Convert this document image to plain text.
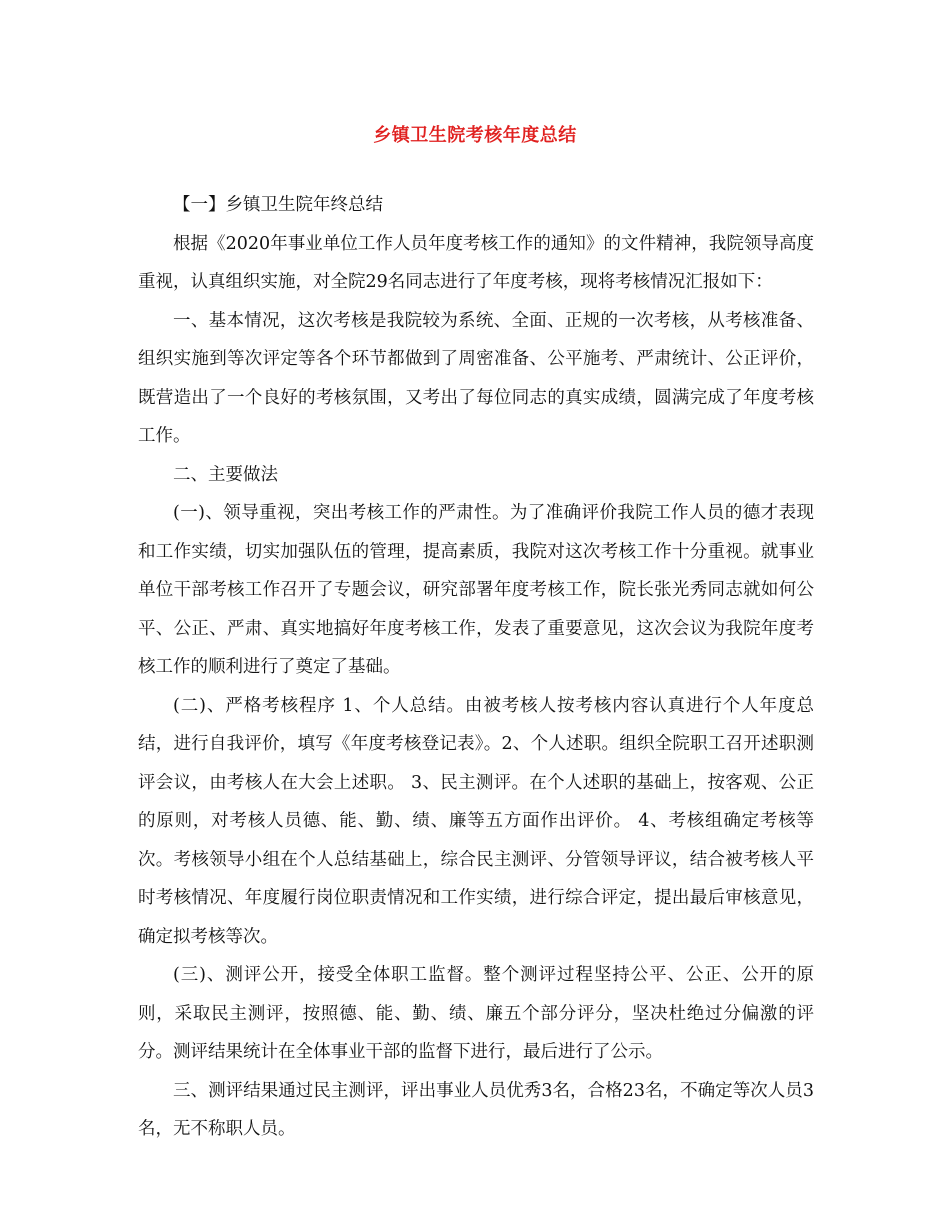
乡镇卫生院考核年度总结

【一】乡镇卫生院年终总结

根据《2020年事业单位工作人员年度考核工作的通知》的文件精神，我院领导高度重视，认真组织实施，对全院29名同志进行了年度考核，现将考核情况汇报如下：

一、基本情况，这次考核是我院较为系统、全面、正规的一次考核，从考核准备、组织实施到等次评定等各个环节都做到了周密准备、公平施考、严肃统计、公正评价，既营造出了一个良好的考核氛围，又考出了每位同志的真实成绩，圆满完成了年度考核工作。

二、主要做法

(一)、领导重视，突出考核工作的严肃性。为了准确评价我院工作人员的德才表现和工作实绩，切实加强队伍的管理，提高素质，我院对这次考核工作十分重视。就事业单位干部考核工作召开了专题会议，研究部署年度考核工作，院长张光秀同志就如何公平、公正、严肃、真实地搞好年度考核工作，发表了重要意见，这次会议为我院年度考核工作的顺利进行了奠定了基础。

(二)、严格考核程序 1、个人总结。由被考核人按考核内容认真进行个人年度总结，进行自我评价，填写《年度考核登记表》。2、个人述职。组织全院职工召开述职测评会议，由考核人在大会上述职。 3、民主测评。在个人述职的基础上，按客观、公正的原则，对考核人员德、能、勤、绩、廉等五方面作出评价。 4、考核组确定考核等次。考核领导小组在个人总结基础上，综合民主测评、分管领导评议，结合被考核人平时考核情况、年度履行岗位职责情况和工作实绩，进行综合评定，提出最后审核意见，确定拟考核等次。

(三)、测评公开，接受全体职工监督。整个测评过程坚持公平、公正、公开的原则，采取民主测评，按照德、能、勤、绩、廉五个部分评分，坚决杜绝过分偏激的评分。测评结果统计在全体事业干部的监督下进行，最后进行了公示。

三、测评结果通过民主测评，评出事业人员优秀3名，合格23名，不确定等次人员3名，无不称职人员。
